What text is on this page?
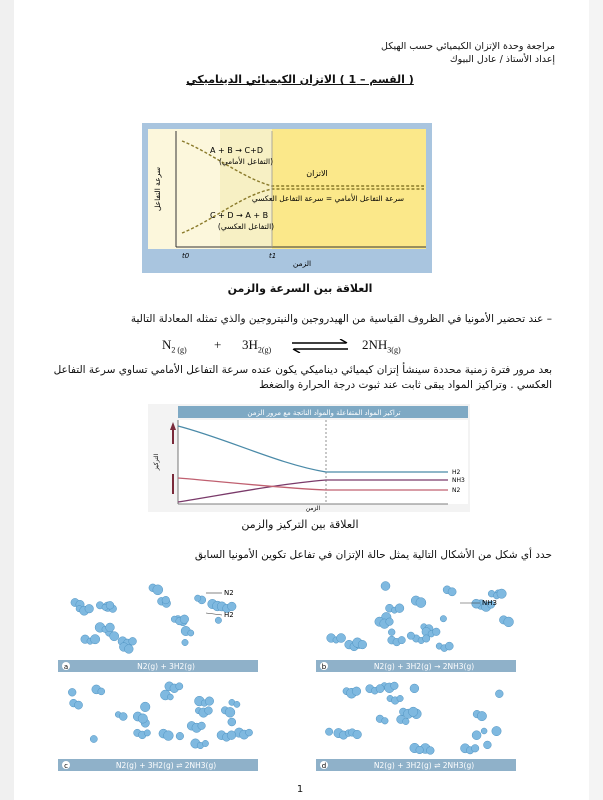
مراجعة وحدة الإتزان الكيميائي حسب الهيكل
إعداد الأستاذ / عادل البيوك
( القسم – 1 ) الاتزان الكيميائي الديناميكي
A + B → C+D
(التفاعل الأمامي)
C + D → A + B
(التفاعل العكسي)
الاتزان
سرعة التفاعل الأمامي = سرعة التفاعل العكسي
سرعة التفاعل
الزمن
t0	t1
العلاقة بين السرعة والزمن
– عند تحضير الأمونيا في الظروف القياسية من الهيدروجين والنيتروجين والذي تمثله المعادلة التالية
$N_{2 (g)} + 3H_{2(g)}$	$2NH_{3(g)}$
بعد مرور فترة زمنية محددة سينشأ إتزان كيميائي ديناميكي يكون عنده سرعة التفاعل الأمامي تساوي سرعة التفاعل العكسي . وتراكيز المواد يبقى ثابت عند ثبوت درجة الحرارة والضغط
تراكيز المواد المتفاعلة والمواد الناتجة مع مرور الزمن
H2
NH3
N2
الزمن
التركيز
العلاقة بين التركيز والزمن
حدد أي شكل من الأشكال التالية يمثل حالة الإتزان في تفاعل تكوين الأمونيا السابق
N2
H2
a	N2(g) + 3H2(g)
NH3
b	N2(g) + 3H2(g) → 2NH3(g)
c	N2(g) + 3H2(g) ⇌ 2NH3(g)	d	N2(g) + 3H2(g) ⇌ 2NH3(g)
1
